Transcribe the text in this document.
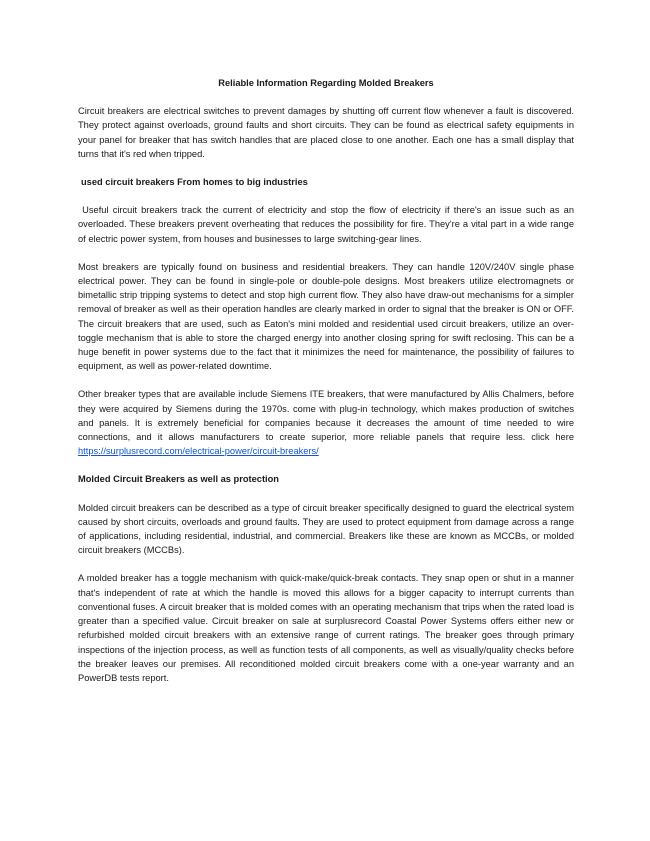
Reliable Information Regarding Molded Breakers

Circuit breakers are electrical switches to prevent damages by shutting off current flow whenever a fault is discovered. They protect against overloads, ground faults and short circuits. They can be found as electrical safety equipments in your panel for breaker that has switch handles that are placed close to one another. Each one has a small display that turns that it's red when tripped.

used circuit breakers From homes to big industries

Useful circuit breakers track the current of electricity and stop the flow of electricity if there's an issue such as an overloaded. These breakers prevent overheating that reduces the possibility for fire. They're a vital part in a wide range of electric power system, from houses and businesses to large switching-gear lines.

Most breakers are typically found on business and residential breakers. They can handle 120V/240V single phase electrical power. They can be found in single-pole or double-pole designs. Most breakers utilize electromagnets or bimetallic strip tripping systems to detect and stop high current flow. They also have draw-out mechanisms for a simpler removal of breaker as well as their operation handles are clearly marked in order to signal that the breaker is ON or OFF. The circuit breakers that are used, such as Eaton's mini molded and residential used circuit breakers, utilize an over-toggle mechanism that is able to store the charged energy into another closing spring for swift reclosing. This can be a huge benefit in power systems due to the fact that it minimizes the need for maintenance, the possibility of failures to equipment, as well as power-related downtime.

Other breaker types that are available include Siemens ITE breakers, that were manufactured by Allis Chalmers, before they were acquired by Siemens during the 1970s. come with plug-in technology, which makes production of switches and panels. It is extremely beneficial for companies because it decreases the amount of time needed to wire connections, and it allows manufacturers to create superior, more reliable panels that require less. click here https://surplusrecord.com/electrical-power/circuit-breakers/

Molded Circuit Breakers as well as protection

Molded circuit breakers can be described as a type of circuit breaker specifically designed to guard the electrical system caused by short circuits, overloads and ground faults. They are used to protect equipment from damage across a range of applications, including residential, industrial, and commercial. Breakers like these are known as MCCBs, or molded circuit breakers (MCCBs).

A molded breaker has a toggle mechanism with quick-make/quick-break contacts. They snap open or shut in a manner that's independent of rate at which the handle is moved this allows for a bigger capacity to interrupt currents than conventional fuses. A circuit breaker that is molded comes with an operating mechanism that trips when the rated load is greater than a specified value. Circuit breaker on sale at surplusrecord Coastal Power Systems offers either new or refurbished molded circuit breakers with an extensive range of current ratings. The breaker goes through primary inspections of the injection process, as well as function tests of all components, as well as visually/quality checks before the breaker leaves our premises. All reconditioned molded circuit breakers come with a one-year warranty and an PowerDB tests report.
